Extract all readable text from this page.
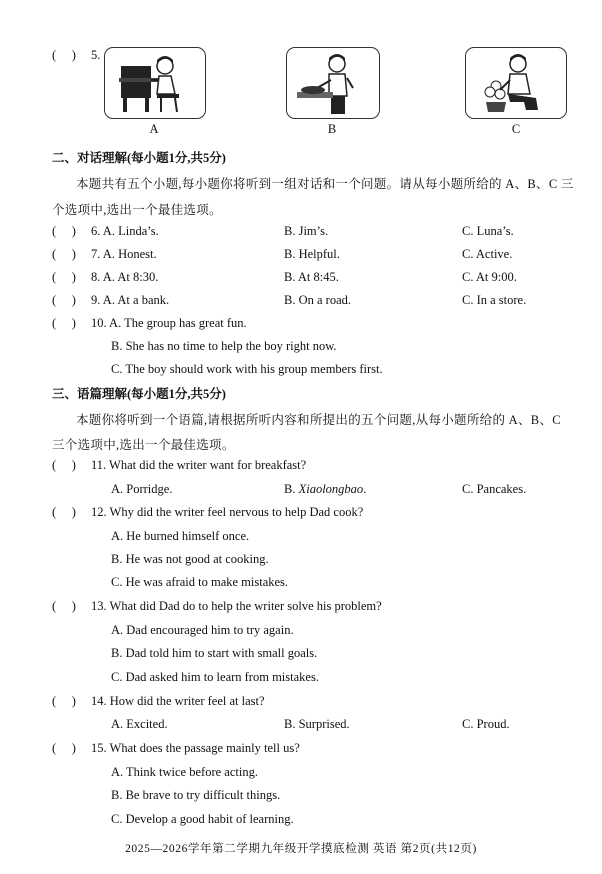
(     ) 5.
A	B	C
二、对话理解(每小题1分,共5分)
本题共有五个小题,每小题你将听到一组对话和一个问题。请从每小题所给的 A、B、C 三
个选项中,选出一个最佳选项。
(     ) 6. A. Linda’s.	B. Jim’s.	C. Luna’s.
(     ) 7. A. Honest.	B. Helpful.	C. Active.
(     ) 8. A. At 8:30.	B. At 8:45.	C. At 9:00.
(     ) 9. A. At a bank.	B. On a road.	C. In a store.
(     ) 10. A. The group has great fun.
B. She has no time to help the boy right now.
C. The boy should work with his group members first.
三、语篇理解(每小题1分,共5分)
本题你将听到一个语篇,请根据所听内容和所提出的五个问题,从每小题所给的 A、B、C
三个选项中,选出一个最佳选项。
(     ) 11. What did the writer want for breakfast?
A. Porridge.	B. Xiaolongbao.	C. Pancakes.
(     ) 12. Why did the writer feel nervous to help Dad cook?
A. He burned himself once.
B. He was not good at cooking.
C. He was afraid to make mistakes.
(     ) 13. What did Dad do to help the writer solve his problem?
A. Dad encouraged him to try again.
B. Dad told him to start with small goals.
C. Dad asked him to learn from mistakes.
(     ) 14. How did the writer feel at last?
A. Excited.	B. Surprised.	C. Proud.
(     ) 15. What does the passage mainly tell us?
A. Think twice before acting.
B. Be brave to try difficult things.
C. Develop a good habit of learning.
2025—2026学年第二学期九年级开学摸底检测 英语 第2页(共12页)
